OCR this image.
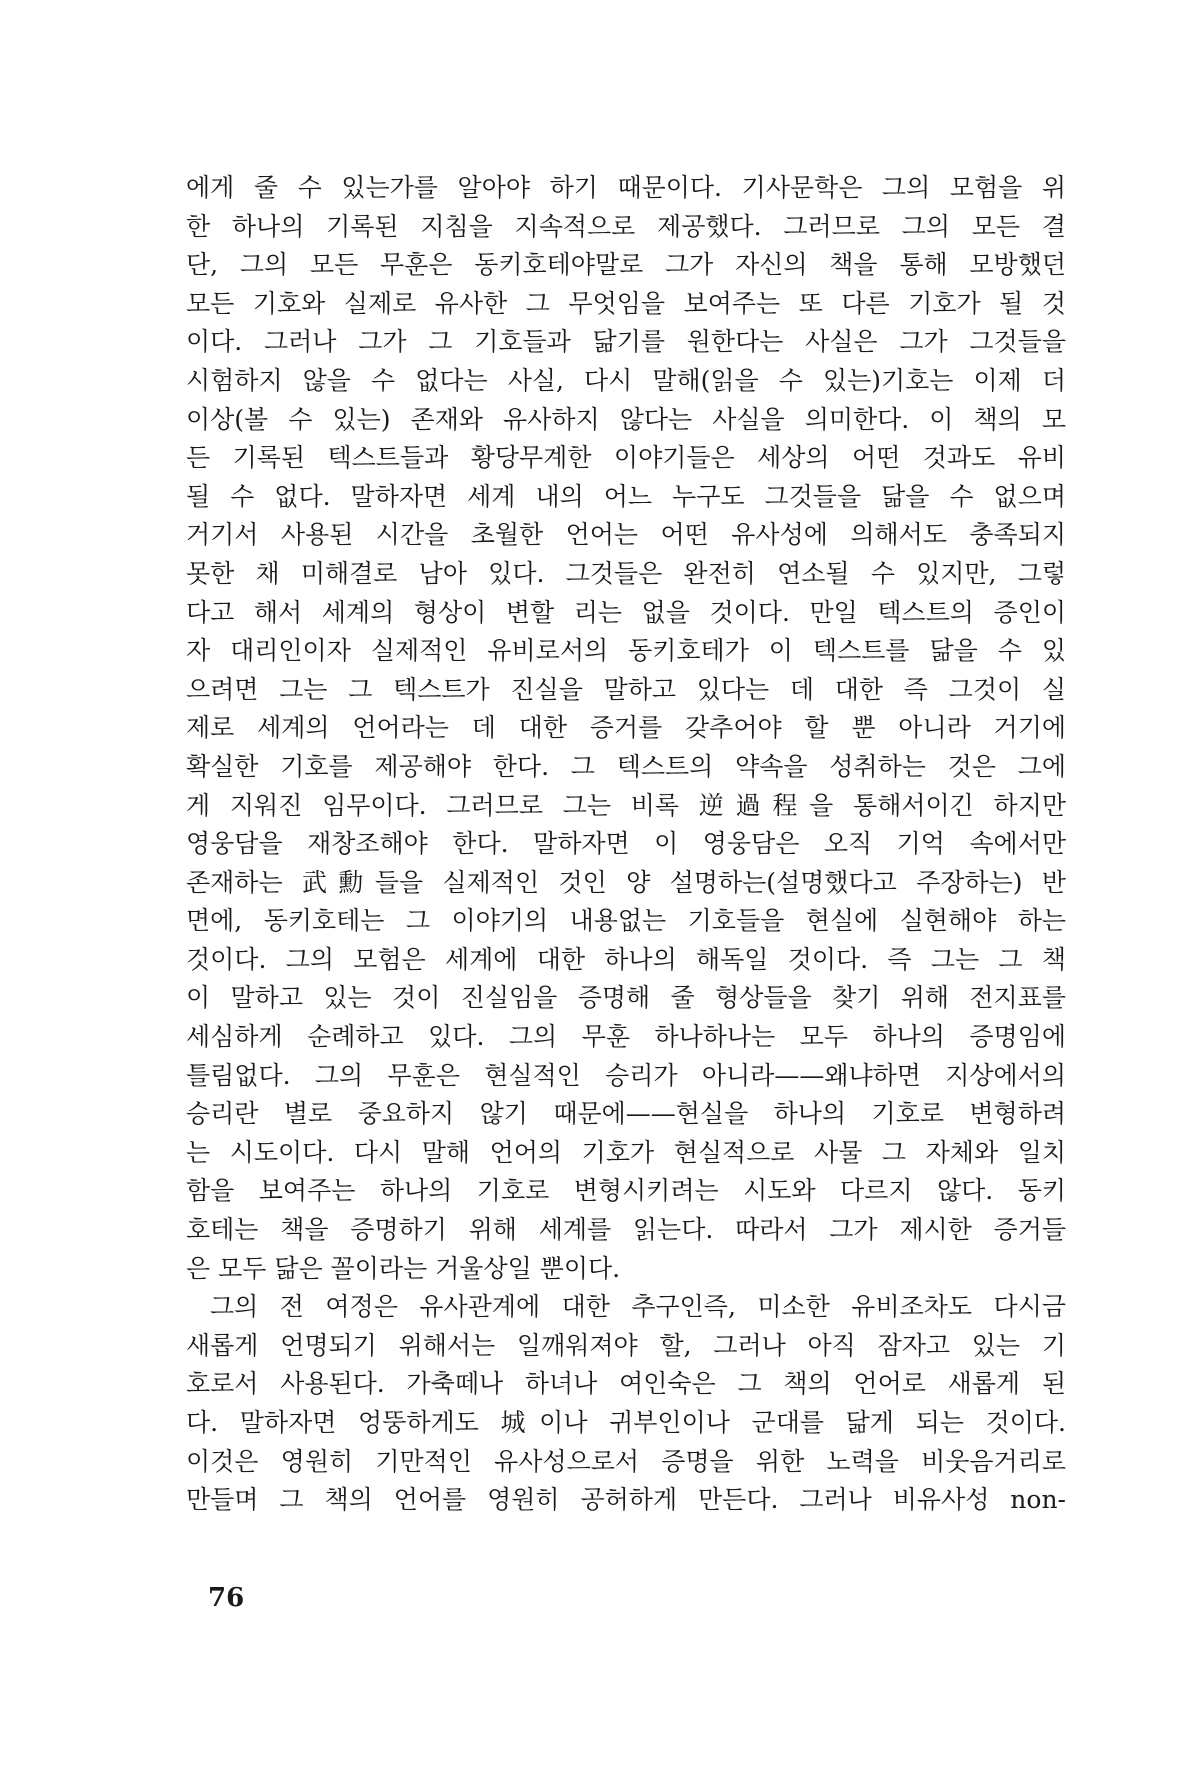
에게 줄 수 있는가를 알아야 하기 때문이다. 기사문학은 그의 모험을 위
한 하나의 기록된 지침을 지속적으로 제공했다. 그러므로 그의 모든 결
단, 그의 모든 무훈은 동키호테야말로 그가 자신의 책을 통해 모방했던
모든 기호와 실제로 유사한 그 무엇임을 보여주는 또 다른 기호가 될 것
이다. 그러나 그가 그 기호들과 닮기를 원한다는 사실은 그가 그것들을
시험하지 않을 수 없다는 사실, 다시 말해(읽을 수 있는)기호는 이제 더
이상(볼 수 있는) 존재와 유사하지 않다는 사실을 의미한다. 이 책의 모
든 기록된 텍스트들과 황당무계한 이야기들은 세상의 어떤 것과도 유비
될 수 없다. 말하자면 세계 내의 어느 누구도 그것들을 닮을 수 없으며
거기서 사용된 시간을 초월한 언어는 어떤 유사성에 의해서도 충족되지
못한 채 미해결로 남아 있다. 그것들은 완전히 연소될 수 있지만, 그렇
다고 해서 세계의 형상이 변할 리는 없을 것이다. 만일 텍스트의 증인이
자 대리인이자 실제적인 유비로서의 동키호테가 이 텍스트를 닮을 수 있
으려면 그는 그 텍스트가 진실을 말하고 있다는 데 대한 즉 그것이 실
제로 세계의 언어라는 데 대한 증거를 갖추어야 할 뿐 아니라 거기에
확실한 기호를 제공해야 한다. 그 텍스트의 약속을 성취하는 것은 그에
게 지워진 임무이다. 그러므로 그는 비록 逆過程을 통해서이긴 하지만
영웅담을 재창조해야 한다. 말하자면 이 영웅담은 오직 기억 속에서만
존재하는 武勳들을 실제적인 것인 양 설명하는(설명했다고 주장하는) 반
면에, 동키호테는 그 이야기의 내용없는 기호들을 현실에 실현해야 하는
것이다. 그의 모험은 세계에 대한 하나의 해독일 것이다. 즉 그는 그 책
이 말하고 있는 것이 진실임을 증명해 줄 형상들을 찾기 위해 전지표를
세심하게 순례하고 있다. 그의 무훈 하나하나는 모두 하나의 증명임에
틀림없다. 그의 무훈은 현실적인 승리가 아니라——왜냐하면 지상에서의
승리란 별로 중요하지 않기 때문에——현실을 하나의 기호로 변형하려
는 시도이다. 다시 말해 언어의 기호가 현실적으로 사물 그 자체와 일치
함을 보여주는 하나의 기호로 변형시키려는 시도와 다르지 않다. 동키
호테는 책을 증명하기 위해 세계를 읽는다. 따라서 그가 제시한 증거들
은 모두 닮은 꼴이라는 거울상일 뿐이다.
그의 전 여정은 유사관계에 대한 추구인즉, 미소한 유비조차도 다시금
새롭게 언명되기 위해서는 일깨워져야 할, 그러나 아직 잠자고 있는 기
호로서 사용된다. 가축떼나 하녀나 여인숙은 그 책의 언어로 새롭게 된
다. 말하자면 엉뚱하게도 城이나 귀부인이나 군대를 닮게 되는 것이다.
이것은 영원히 기만적인 유사성으로서 증명을 위한 노력을 비웃음거리로
만들며 그 책의 언어를 영원히 공허하게 만든다. 그러나 비유사성 non-
76
